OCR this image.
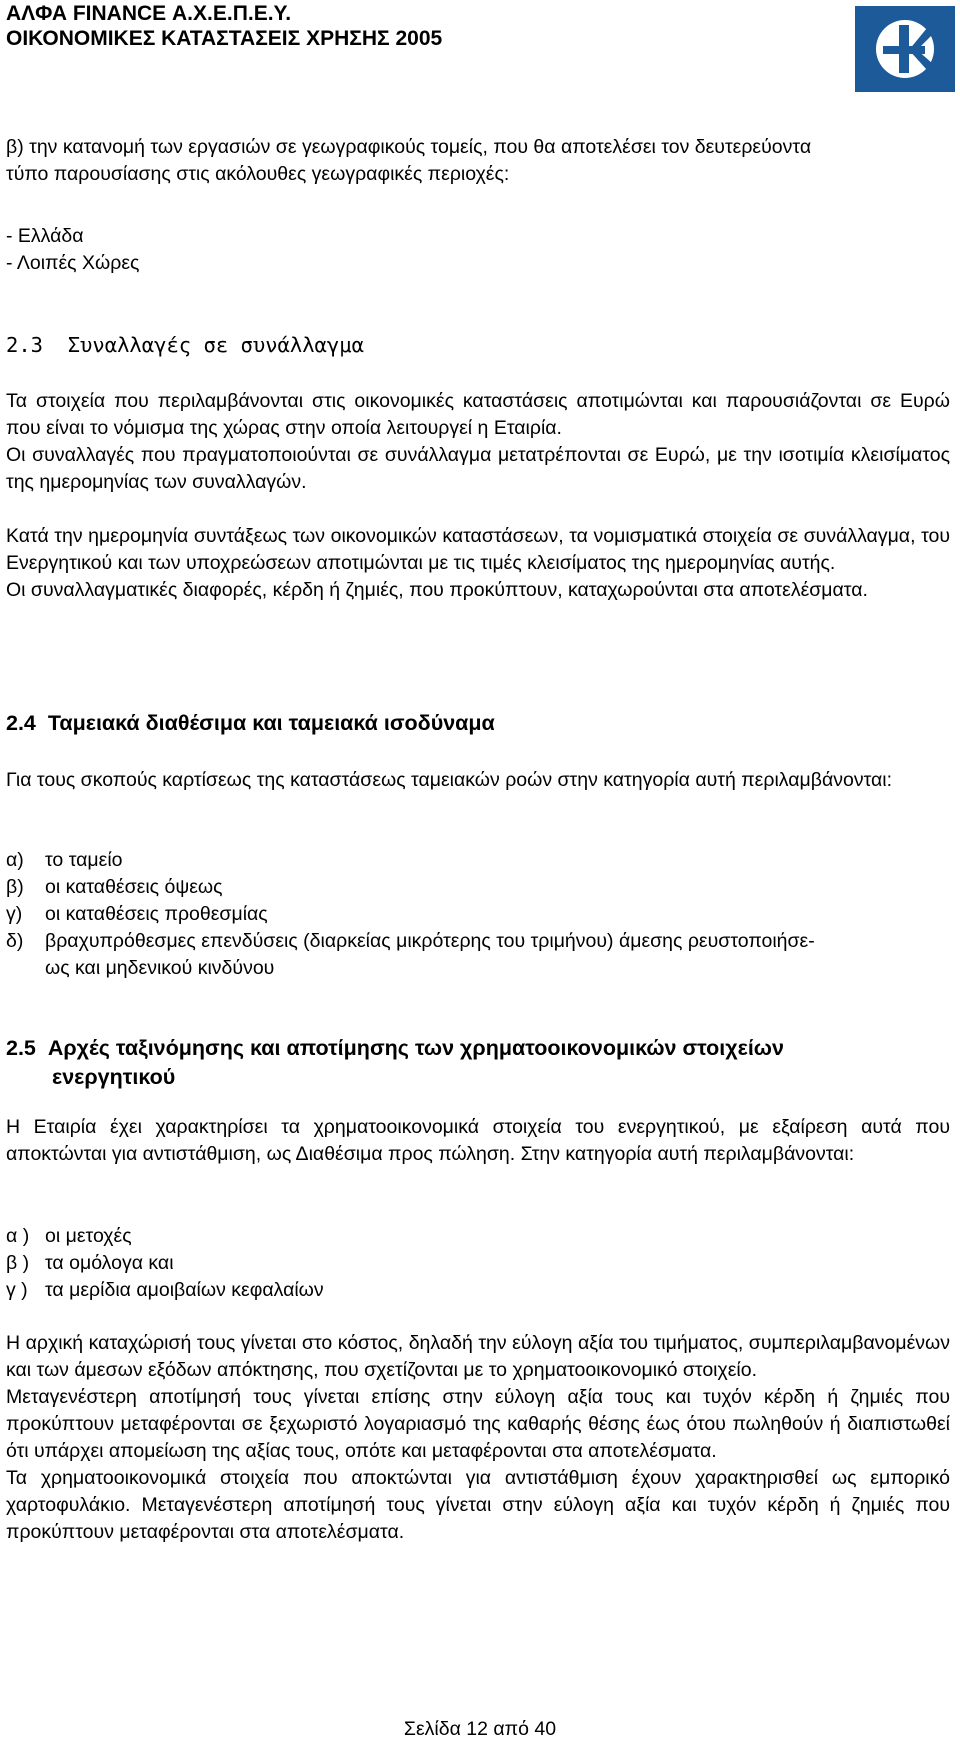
ΑΛΦΑ FINANCE Α.Χ.Ε.Π.Ε.Υ.
ΟΙΚΟΝΟΜΙΚΕΣ ΚΑΤΑΣΤΑΣΕΙΣ ΧΡΗΣΗΣ 2005
β) την κατανομή των εργασιών σε γεωγραφικούς τομείς, που θα αποτελέσει τον δευτερεύοντα
τύπο παρουσίασης στις ακόλουθες γεωγραφικές περιοχές:
- Ελλάδα
- Λοιπές Χώρες
2.3 Συναλλαγές σε συνάλλαγμα
Τα στοιχεία που περιλαμβάνονται στις οικονομικές καταστάσεις αποτιμώνται και παρουσιάζονται σε Ευρώ που είναι το νόμισμα της χώρας στην οποία λειτουργεί η Εταιρία.
Οι συναλλαγές που πραγματοποιούνται σε συνάλλαγμα μετατρέπονται σε Ευρώ, με την ισοτιμία κλεισίματος της ημερομηνίας των συναλλαγών.
Κατά την ημερομηνία συντάξεως των οικονομικών καταστάσεων, τα νομισματικά στοιχεία σε συνάλλαγμα, του Ενεργητικού και των υποχρεώσεων αποτιμώνται με τις τιμές κλεισίματος της ημερομηνίας αυτής.
Οι συναλλαγματικές διαφορές, κέρδη ή ζημιές, που προκύπτουν, καταχωρούνται στα αποτελέσματα.
2.4 Ταμειακά διαθέσιμα και ταμειακά ισοδύναμα
Για τους σκοπούς καρτίσεως της καταστάσεως ταμειακών ροών στην κατηγορία αυτή περιλαμβάνονται:
α) το ταμείο
β) οι καταθέσεις όψεως
γ) οι καταθέσεις προθεσμίας
δ) βραχυπρόθεσμες επενδύσεις (διαρκείας μικρότερης του τριμήνου) άμεσης ρευστοποιήσε-
ως και μηδενικού κινδύνου
2.5 Αρχές ταξινόμησης και αποτίμησης των χρηματοοικονομικών στοιχείων
ενεργητικού
Η Εταιρία έχει χαρακτηρίσει τα χρηματοοικονομικά στοιχεία του ενεργητικού, με εξαίρεση αυτά που αποκτώνται για αντιστάθμιση, ως Διαθέσιμα προς πώληση. Στην κατηγορία αυτή περιλαμβάνονται:
α ) οι μετοχές
β ) τα ομόλογα και
γ ) τα μερίδια αμοιβαίων κεφαλαίων
Η αρχική καταχώρισή τους γίνεται στο κόστος, δηλαδή την εύλογη αξία του τιμήματος, συμπεριλαμβανομένων και των άμεσων εξόδων απόκτησης, που σχετίζονται με το χρηματοοικονομικό στοιχείο.
Μεταγενέστερη αποτίμησή τους γίνεται επίσης στην εύλογη αξία τους και τυχόν κέρδη ή ζημιές που προκύπτουν μεταφέρονται σε ξεχωριστό λογαριασμό της καθαρής θέσης έως ότου πωληθούν ή διαπιστωθεί ότι υπάρχει απομείωση της αξίας τους, οπότε και μεταφέρονται στα αποτελέσματα.
Τα χρηματοοικονομικά στοιχεία που αποκτώνται για αντιστάθμιση έχουν χαρακτηρισθεί ως εμπορικό χαρτοφυλάκιο. Μεταγενέστερη αποτίμησή τους γίνεται στην εύλογη αξία και τυχόν κέρδη ή ζημιές που προκύπτουν μεταφέρονται στα αποτελέσματα.
Σελίδα 12 από 40
